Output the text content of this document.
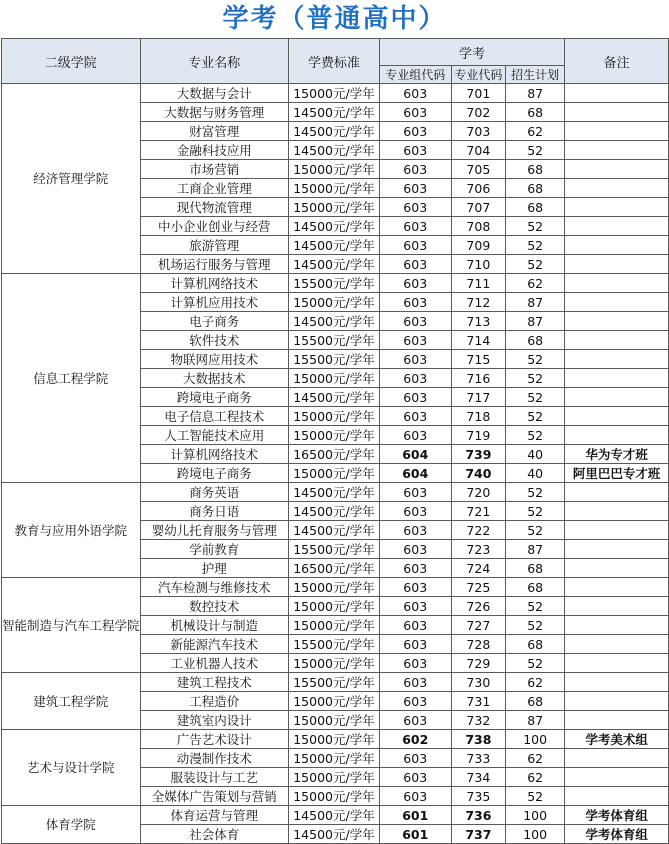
学考（普通高中）
二级学院	专业名称	学费标准	学考			备注
			专业组代码	专业代码	招生计划	
经济管理学院	大数据与会计	15000元/学年	603	701	87	
	大数据与财务管理	14500元/学年	603	702	68	
	财富管理	14500元/学年	603	703	62	
	金融科技应用	14500元/学年	603	704	52	
	市场营销	15000元/学年	603	705	68	
	工商企业管理	15000元/学年	603	706	68	
	现代物流管理	15000元/学年	603	707	68	
	中小企业创业与经营	14500元/学年	603	708	52	
	旅游管理	14500元/学年	603	709	52	
	机场运行服务与管理	14500元/学年	603	710	52	
信息工程学院	计算机网络技术	15500元/学年	603	711	62	
	计算机应用技术	15000元/学年	603	712	87	
	电子商务	14500元/学年	603	713	87	
	软件技术	15500元/学年	603	714	68	
	物联网应用技术	15500元/学年	603	715	52	
	大数据技术	15000元/学年	603	716	52	
	跨境电子商务	14500元/学年	603	717	52	
	电子信息工程技术	15000元/学年	603	718	52	
	人工智能技术应用	15000元/学年	603	719	52	
	计算机网络技术	16500元/学年	604	739	40	华为专才班
	跨境电子商务	15000元/学年	604	740	40	阿里巴巴专才班
教育与应用外语学院	商务英语	14500元/学年	603	720	52	
	商务日语	14500元/学年	603	721	52	
	婴幼儿托育服务与管理	14500元/学年	603	722	52	
	学前教育	15500元/学年	603	723	87	
	护理	16500元/学年	603	724	68	
智能制造与汽车工程学院	汽车检测与维修技术	15000元/学年	603	725	68	
	数控技术	15000元/学年	603	726	52	
	机械设计与制造	15000元/学年	603	727	52	
	新能源汽车技术	15500元/学年	603	728	68	
	工业机器人技术	15000元/学年	603	729	52	
建筑工程学院	建筑工程技术	15500元/学年	603	730	62	
	工程造价	15000元/学年	603	731	68	
	建筑室内设计	15000元/学年	603	732	87	
艺术与设计学院	广告艺术设计	15000元/学年	602	738	100	学考美术组
	动漫制作技术	15000元/学年	603	733	62	
	服装设计与工艺	15000元/学年	603	734	62	
	全媒体广告策划与营销	15000元/学年	603	735	52	
体育学院	体育运营与管理	14500元/学年	601	736	100	学考体育组
	社会体育	14500元/学年	601	737	100	学考体育组
